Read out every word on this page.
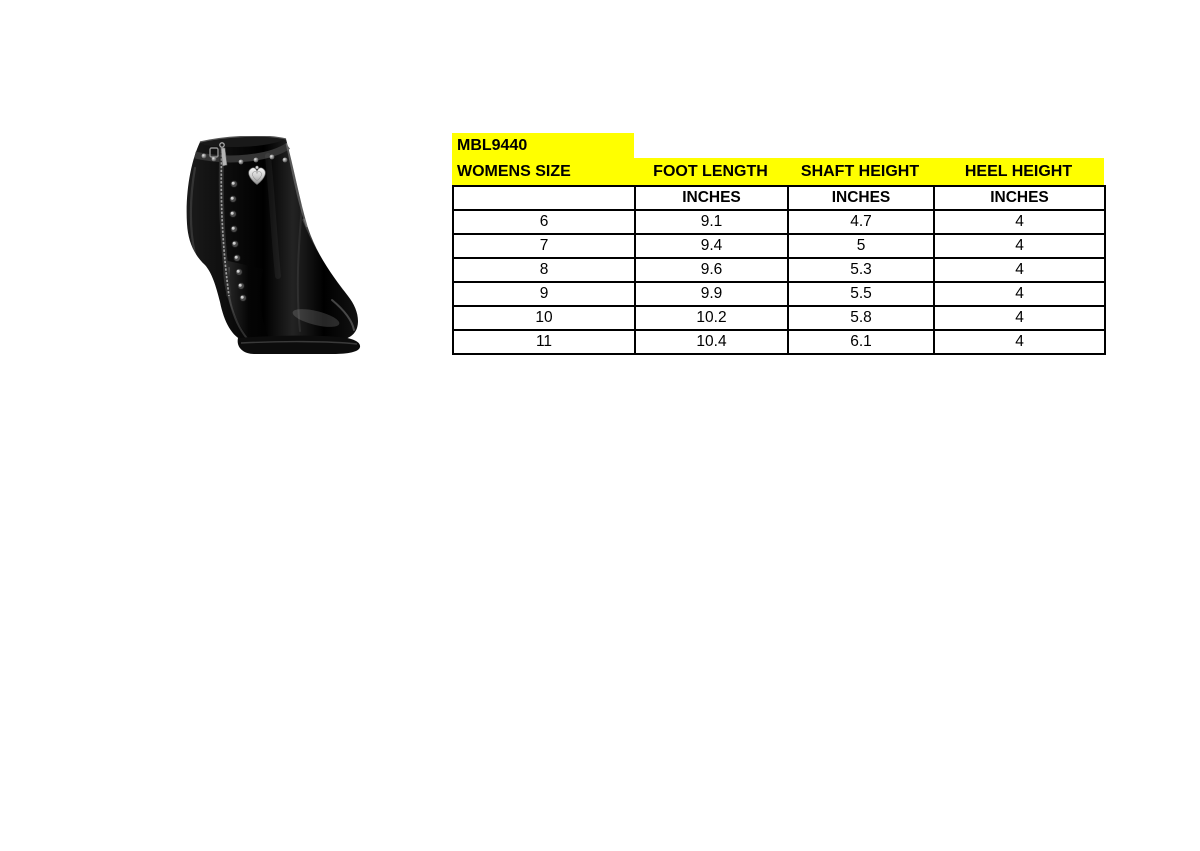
MBL9440
WOMENS SIZE	FOOT LENGTH	SHAFT HEIGHT	HEEL HEIGHT
	INCHES	INCHES	INCHES
6	9.1	4.7	4
7	9.4	5	4
8	9.6	5.3	4
9	9.9	5.5	4
10	10.2	5.8	4
11	10.4	6.1	4
